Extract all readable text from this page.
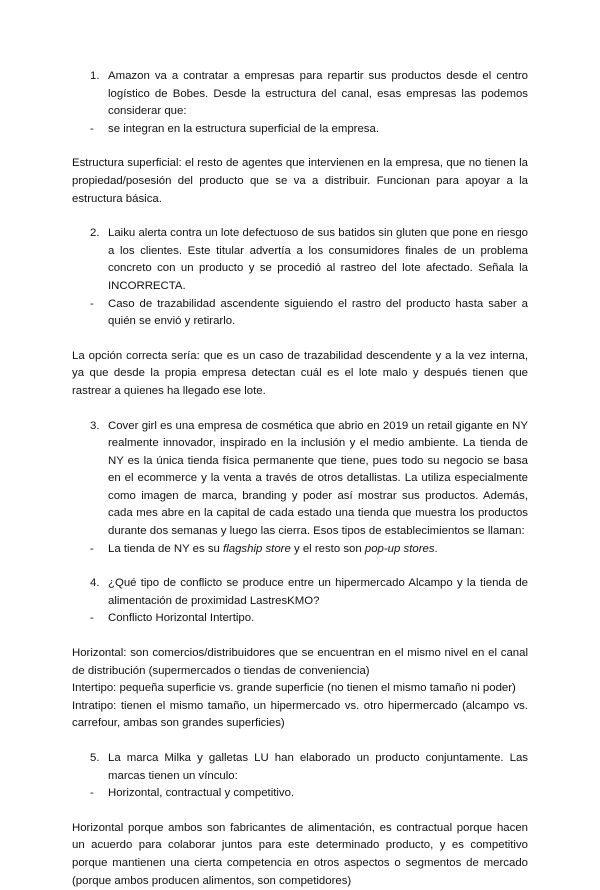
1. Amazon va a contratar a empresas para repartir sus productos desde el centro logístico de Bobes. Desde la estructura del canal, esas empresas las podemos considerar que:
- se integran en la estructura superficial de la empresa.
Estructura superficial: el resto de agentes que intervienen en la empresa, que no tienen la propiedad/posesión del producto que se va a distribuir. Funcionan para apoyar a la estructura básica.
2. Laiku alerta contra un lote defectuoso de sus batidos sin gluten que pone en riesgo a los clientes. Este titular advertía a los consumidores finales de un problema concreto con un producto y se procedió al rastreo del lote afectado. Señala la INCORRECTA.
- Caso de trazabilidad ascendente siguiendo el rastro del producto hasta saber a quién se envió y retirarlo.
La opción correcta sería: que es un caso de trazabilidad descendente y a la vez interna, ya que desde la propia empresa detectan cuál es el lote malo y después tienen que rastrear a quienes ha llegado ese lote.
3. Cover girl es una empresa de cosmética que abrio en 2019 un retail gigante en NY realmente innovador, inspirado en la inclusión y el medio ambiente. La tienda de NY es la única tienda física permanente que tiene, pues todo su negocio se basa en el ecommerce y la venta a través de otros detallistas. La utiliza especialmente como imagen de marca, branding y poder así mostrar sus productos. Además, cada mes abre en la capital de cada estado una tienda que muestra los productos durante dos semanas y luego las cierra. Esos tipos de establecimientos se llaman:
- La tienda de NY es su flagship store y el resto son pop-up stores.
4. ¿Qué tipo de conflicto se produce entre un hipermercado Alcampo y la tienda de alimentación de proximidad LastresKMO?
- Conflicto Horizontal Intertipo.
Horizontal: son comercios/distribuidores que se encuentran en el mismo nivel en el canal de distribución (supermercados o tiendas de conveniencia)
Intertipo: pequeña superficie vs. grande superficie (no tienen el mismo tamaño ni poder)
Intratipo: tienen el mismo tamaño, un hipermercado vs. otro hipermercado (alcampo vs. carrefour, ambas son grandes superficies)
5. La marca Milka y galletas LU han elaborado un producto conjuntamente. Las marcas tienen un vínculo:
- Horizontal, contractual y competitivo.
Horizontal porque ambos son fabricantes de alimentación, es contractual porque hacen un acuerdo para colaborar juntos para este determinado producto, y es competitivo porque mantienen una cierta competencia en otros aspectos o segmentos de mercado (porque ambos producen alimentos, son competidores)
